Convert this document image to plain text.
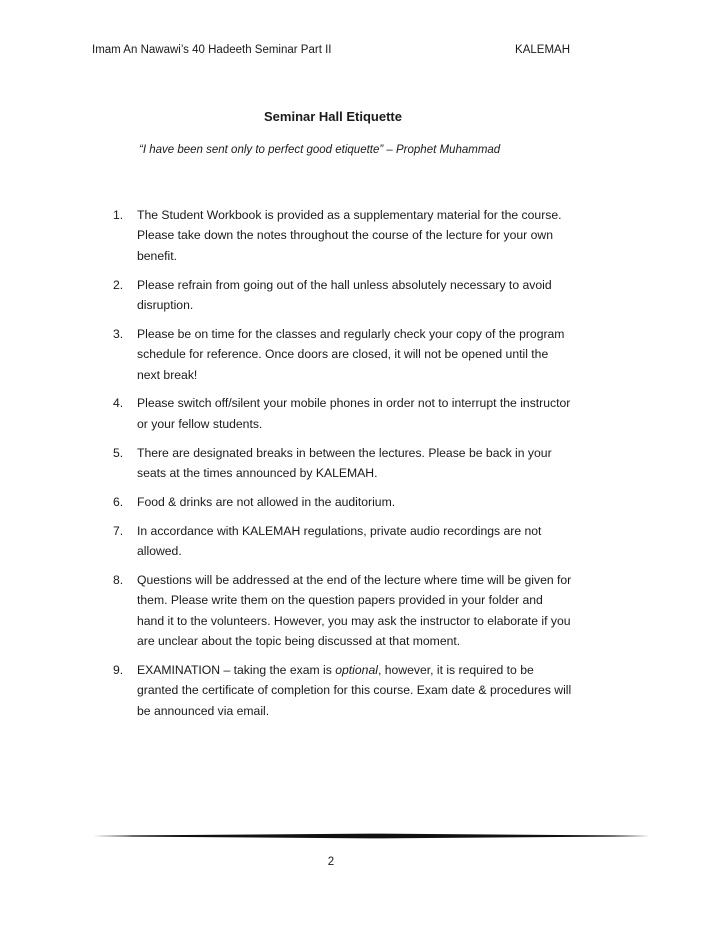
Imam An Nawawi’s 40 Hadeeth Seminar Part II	KALEMAH
Seminar Hall Etiquette
“I have been sent only to perfect good etiquette” – Prophet Muhammad
1. The Student Workbook is provided as a supplementary material for the course. Please take down the notes throughout the course of the lecture for your own benefit.
2. Please refrain from going out of the hall unless absolutely necessary to avoid disruption.
3. Please be on time for the classes and regularly check your copy of the program schedule for reference. Once doors are closed, it will not be opened until the next break!
4. Please switch off/silent your mobile phones in order not to interrupt the instructor or your fellow students.
5. There are designated breaks in between the lectures. Please be back in your seats at the times announced by KALEMAH.
6. Food & drinks are not allowed in the auditorium.
7. In accordance with KALEMAH regulations, private audio recordings are not allowed.
8. Questions will be addressed at the end of the lecture where time will be given for them. Please write them on the question papers provided in your folder and hand it to the volunteers. However, you may ask the instructor to elaborate if you are unclear about the topic being discussed at that moment.
9. EXAMINATION – taking the exam is optional, however, it is required to be granted the certificate of completion for this course. Exam date & procedures will be announced via email.
2
